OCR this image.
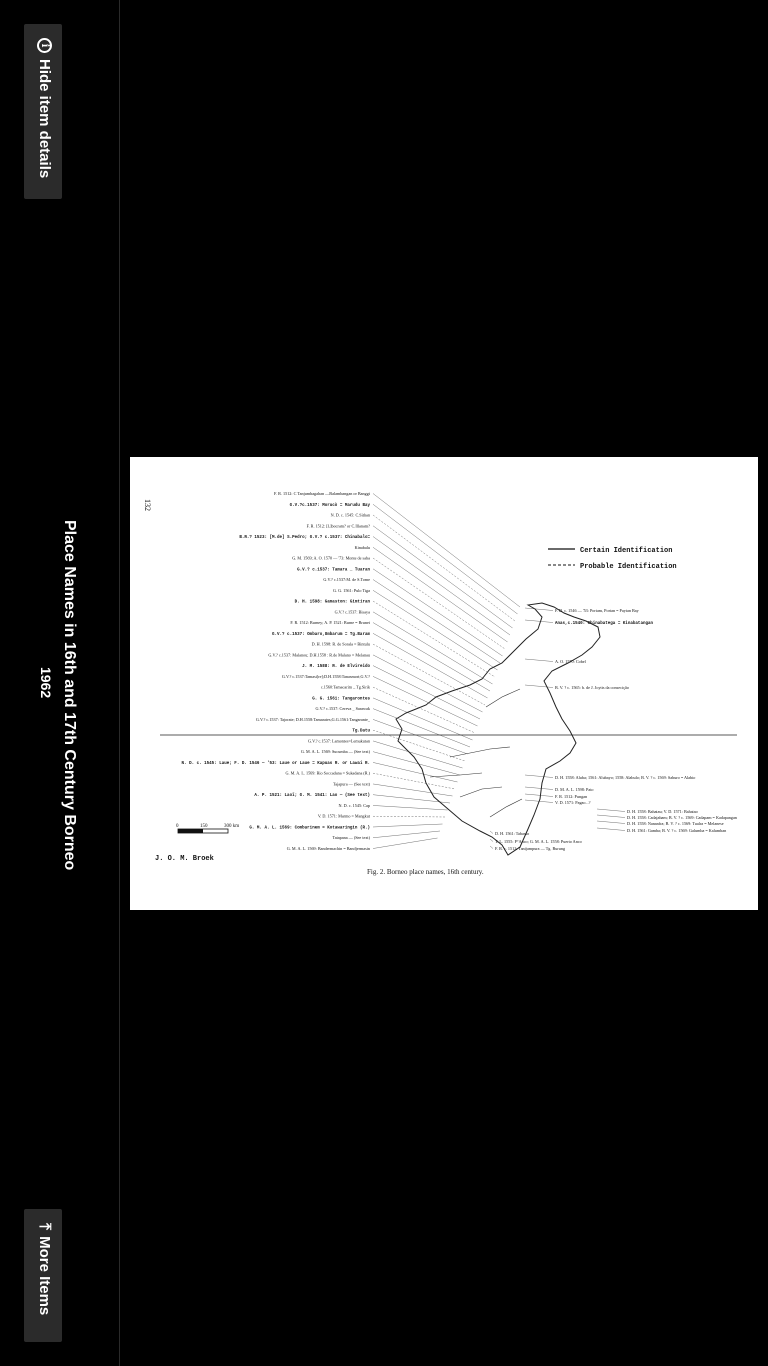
i
Hide item details
Place Names in 16th and 17th Century Borneo
1962
⤒
More Items
132
Certain Identification
Probable Identification
F. R. 1512: C Tanjumbagahan —Balambangan or Banggi
G.V.?c.1537: Morucò = Marudu Bay
N. D. c. 1545: C.Sithan
F. R. 1512: [L]bocram? or C.Illanam?
B.R.? 1523: [M.de] S.Pedro; G.V.? c.1537: Chinabalo=
Kinabalu
G. M. 1569; A. O. 1570 — '73: Monte de saba
G.V.? c.1537: Tamara _ Tuaran
G.V.? c.1537:M. de S.Tome
G. G. 1561: Pulo Tiga
D. H. 1598: Gamaston: Gimtiran
G.V.? c.1537: Bisaya
F. R. 1512: Burney; A. P. 1521: Burne = Brunei
G.V.? c.1537: Ombaro,Umbarum = Tg.Baram
D. H. 1598: R. de Sorala = Bintulu
G.V.? c.1537: Malanou; D.H.1558 : R.de Malano = Melanau
J. M. 1588: R. de Elvireido
G.V.? c.1537:Tamasi[re];D.H.1558:Tanasmori;G.V.?
c.1560:Tamacarim _ Tg.Sirik
G. G. 1561: Tangarontes
G.V.? c.1537: Cereva _ Sarawak
G.V.? c.1537: Tajorate; D.H.1558:Tamarates;G.G.1561:Tangarante_
Tg.Datu
G.V.? c.1537: Lamontes=Lemukutan
G. M. A. L. 1569: Sucumba — (See text)
N. D. c. 1545: Laue; F. D. 1546 — '53: Laue or Laue = Kapuas R. or Lawai R.
G. M. A. L. 1569: Rio Soccadana = Sukadana (R.)
Tajapura — (See text)
A. P. 1521: Laoï; G. M. 1541: Lao — (See text)
N. D. c. 1545: Cap
V. D. 1571: Marmo = Mangkut
G. M. A. L. 1569: Combarinem = Kotawaringin (R.)
Tatapana — (See text)
G. M. A. L. 1569: Bandermachin = Bandjermasin
F. D. c. 1546 — '53: Portam, Portan = Paytan Bay
Anas,c.1540: Chinabatega = Kinabatangan
A. O. 1570: Cobel
B. V. ? c. 1565: b. de J. Joytts da consecição
D. H. 1558: Aluba; 1561: Alubayo; 1558: Alabulo; B. V. ? c. 1569: Saburo = Alabio
D. M. A. L. 1598: Pato
F. R. 1512: Pungan
V. D. 1571: Pagao...?
D. H. 1558: Bahatau; V. D. 1571: Bahatao
D. H. 1558: Cadajabam; B. V. ? c. 1569: Cadapam = Kadapangan
D. H. 1558: Nananfra; B. V. ? c. 1569: Tualra = Melanese
D. H. 1561: Gamba; B. V. ? c. 1569: Galumba = Kalumban
D. H. 1561: Tabasso
T. L. 1555: P°Anco; G. M. A. L. 1558: Puerto Anco
F. R. c. 1512: Tanijampura — Tg. Burung
0	150	300 km
J. O. M. Broek
Fig. 2. Borneo place names, 16th century.
